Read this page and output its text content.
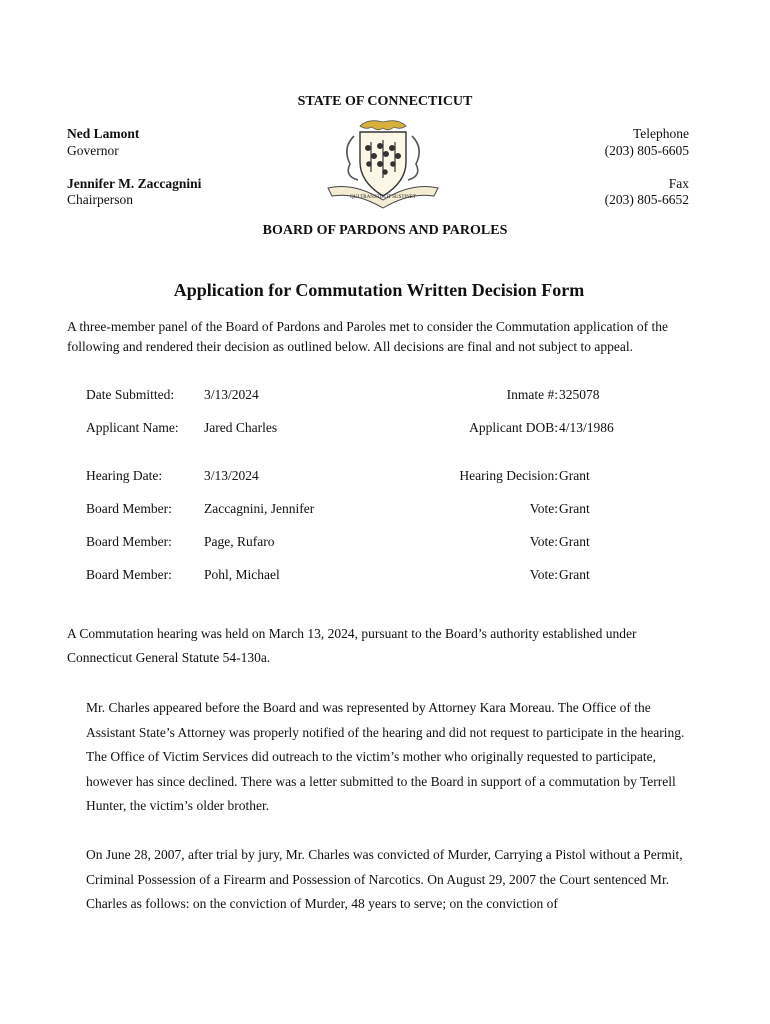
STATE OF CONNECTICUT
Ned Lamont
Governor
Jennifer M. Zaccagnini
Chairperson
Telephone
(203) 805-6605
Fax
(203) 805-6652
QUI TRANSTULIT SUSTINET
BOARD OF PARDONS AND PAROLES
Application for Commutation Written Decision Form
A three-member panel of the Board of Pardons and Paroles met to consider the Commutation application of the following and rendered their decision as outlined below. All decisions are final and not subject to appeal.
Date Submitted: 3/13/2024	Inmate #: 325078
Applicant Name: Jared Charles	Applicant DOB: 4/13/1986
Hearing Date:	3/13/2024	Hearing Decision: Grant
Board Member: Zaccagnini, Jennifer	Vote: Grant
Board Member: Page, Rufaro	Vote: Grant
Board Member: Pohl, Michael	Vote: Grant
A Commutation hearing was held on March 13, 2024, pursuant to the Board’s authority established under Connecticut General Statute 54-130a.
Mr. Charles appeared before the Board and was represented by Attorney Kara Moreau. The Office of the Assistant State’s Attorney was properly notified of the hearing and did not request to participate in the hearing. The Office of Victim Services did outreach to the victim’s mother who originally requested to participate, however has since declined. There was a letter submitted to the Board in support of a commutation by Terrell Hunter, the victim’s older brother.
On June 28, 2007, after trial by jury, Mr. Charles was convicted of Murder, Carrying a Pistol without a Permit, Criminal Possession of a Firearm and Possession of Narcotics. On August 29, 2007 the Court sentenced Mr. Charles as follows: on the conviction of Murder, 48 years to serve; on the conviction of
